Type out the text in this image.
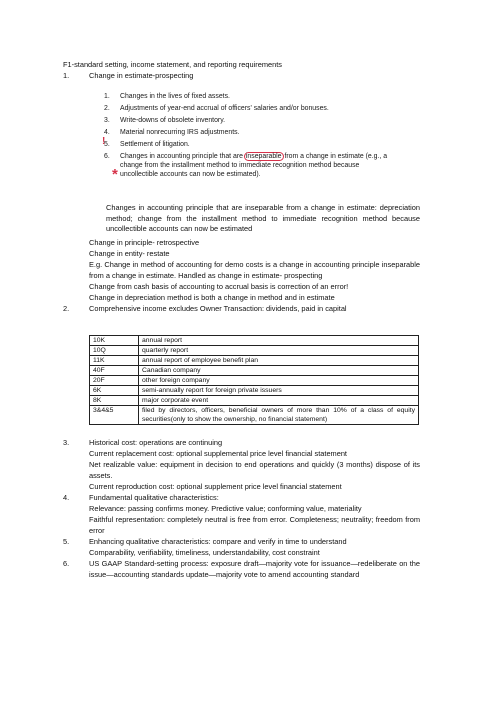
F1-standard setting, income statement, and reporting requirements
1.	Change in estimate-prospecting
1. Changes in the lives of fixed assets.
2. Adjustments of year-end accrual of officers' salaries and/or bonuses.
3. Write-downs of obsolete inventory.
4. Material nonrecurring IRS adjustments.
5. Settlement of litigation.
6. Changes in accounting principle that are inseparable from a change in estimate (e.g., a
change from the installment method to immediate recognition method because
uncollectible accounts can now be estimated).
!
*
Changes in accounting principle that are inseparable from a change in estimate: depreciation method; change from the installment method to immediate recognition method because uncollectible accounts can now be estimated
Change in principle- retrospective
Change in entity- restate
E.g. Change in method of accounting for demo costs is a change in accounting principle inseparable from a change in estimate. Handled as change in estimate- prospecting
Change from cash basis of accounting to accrual basis is correction of an error!
Change in depreciation method is both a change in method and in estimate
2.	Comprehensive income excludes Owner Transaction: dividends, paid in capital
10K	annual report
10Q	quarterly report
11K	annual report of employee benefit plan
40F	Canadian company
20F	other foreign company
6K	semi-annually report for foreign private issuers
8K	major corporate event
3&4&5	filed by directors, officers, beneficial owners of more than 10% of a class of equity securities(only to show the ownership, no financial statement)
3.	Historical cost: operations are continuing
Current replacement cost: optional supplemental price level financial statement
Net realizable value: equipment in decision to end operations and quickly (3 months) dispose of its assets.
Current reproduction cost: optional supplement price level financial statement
4.	Fundamental qualitative characteristics:
Relevance: passing confirms money. Predictive value; conforming value, materiality
Faithful representation: completely neutral is free from error. Completeness; neutrality; freedom from error
5.	Enhancing qualitative characteristics: compare and verify in time to understand
Comparability, verifiability, timeliness, understandability, cost constraint
6.	US GAAP Standard-setting process: exposure draft—majority vote for issuance—redeliberate on the issue—accounting standards update—majority vote to amend accounting standard
